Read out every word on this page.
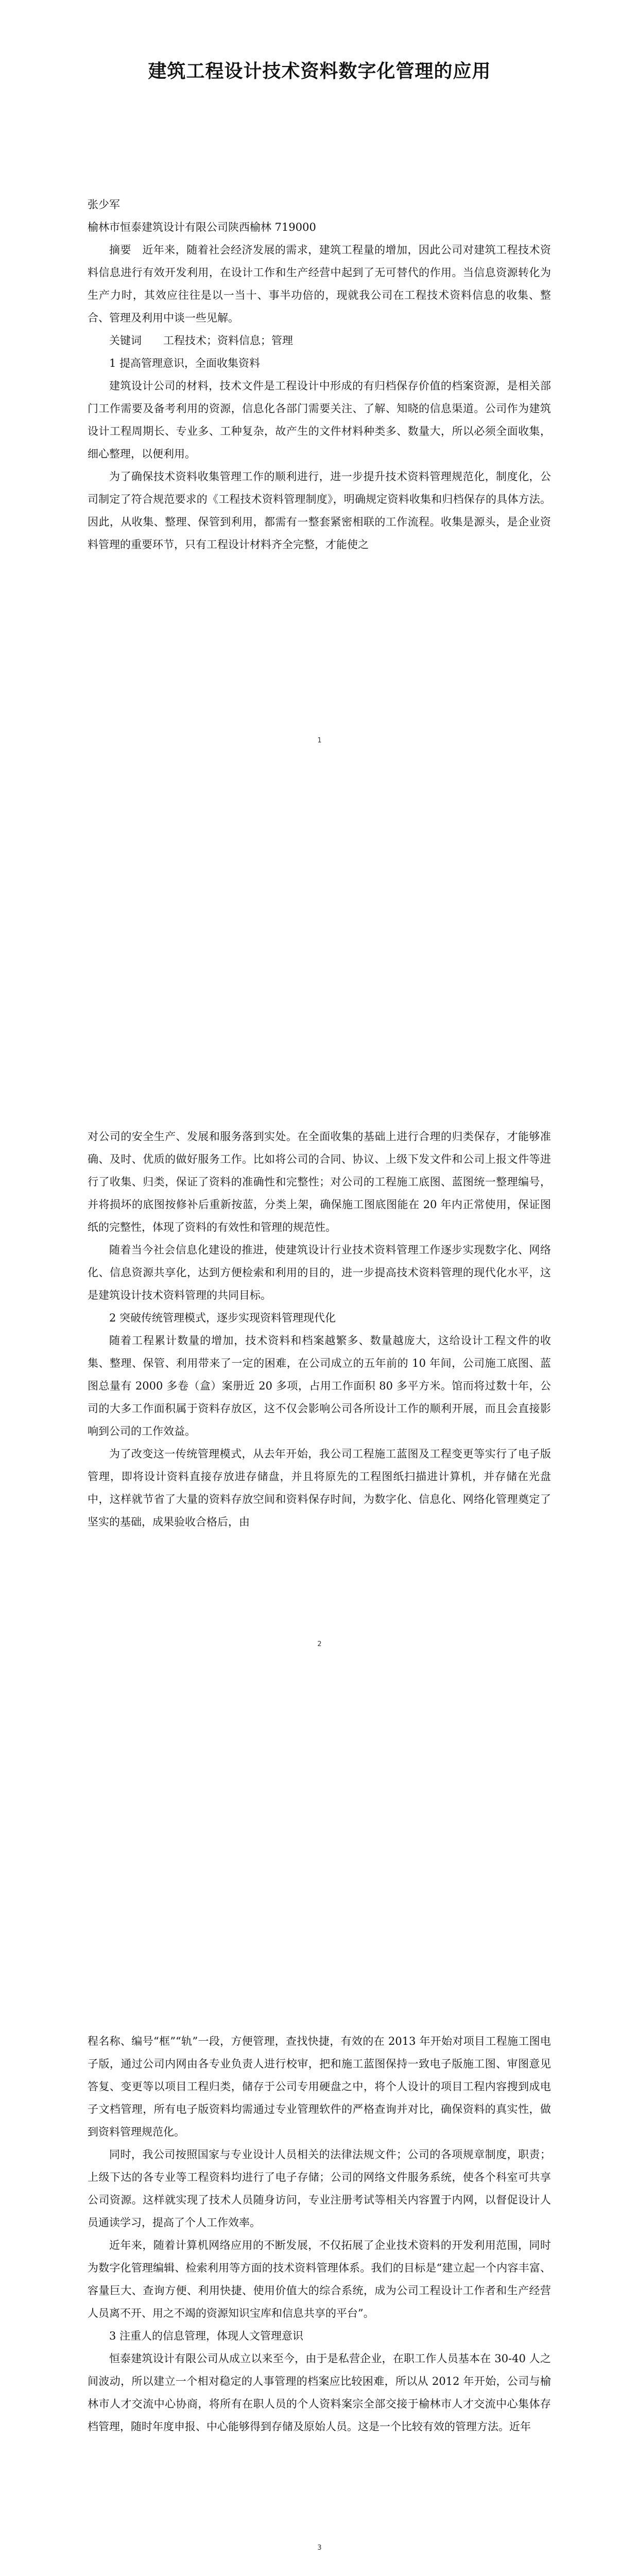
建筑工程设计技术资料数字化管理的应用

张少军

榆林市恒泰建筑设计有限公司陕西榆林 719000

摘要　近年来，随着社会经济发展的需求，建筑工程量的增加，因此公司对建筑工程技术资料信息进行有效开发利用，在设计工作和生产经营中起到了无可替代的作用。当信息资源转化为生产力时，其效应往往是以一当十、事半功倍的，现就我公司在工程技术资料信息的收集、整合、管理及利用中谈一些见解。

关键词　　工程技术；资料信息；管理

1 提高管理意识，全面收集资料

建筑设计公司的材料，技术文件是工程设计中形成的有归档保存价值的档案资源，是相关部门工作需要及备考利用的资源，信息化各部门需要关注、了解、知晓的信息渠道。公司作为建筑设计工程周期长、专业多、工种复杂，故产生的文件材料种类多、数量大，所以必须全面收集，细心整理，以便利用。

为了确保技术资料收集管理工作的顺利进行，进一步提升技术资料管理规范化，制度化，公司制定了符合规范要求的《工程技术资料管理制度》，明确规定资料收集和归档保存的具体方法。因此，从收集、整理、保管到利用，都需有一整套紧密相联的工作流程。收集是源头，是企业资料管理的重要环节，只有工程设计材料齐全完整，才能使之

1

对公司的安全生产、发展和服务落到实处。在全面收集的基础上进行合理的归类保存，才能够准确、及时、优质的做好服务工作。比如将公司的合同、协议、上级下发文件和公司上报文件等进行了收集、归类，保证了资料的准确性和完整性；对公司的工程施工底图、蓝图统一整理编号，并将损坏的底图按修补后重新按蓝，分类上架，确保施工图底图能在 20 年内正常使用，保证图纸的完整性，体现了资料的有效性和管理的规范性。

随着当今社会信息化建设的推进，使建筑设计行业技术资料管理工作逐步实现数字化、网络化、信息资源共享化，达到方便检索和利用的目的，进一步提高技术资料管理的现代化水平，这是建筑设计技术资料管理的共同目标。

2 突破传统管理模式，逐步实现资料管理现代化

随着工程累计数量的增加，技术资料和档案越繁多、数量越庞大，这给设计工程文件的收集、整理、保管、利用带来了一定的困难，在公司成立的五年前的 10 年间，公司施工底图、蓝图总量有 2000 多卷（盒）案册近 20 多项，占用工作面积 80 多平方米。馆而将过数十年，公司的大多工作面积属于资料存放区，这不仅会影响公司各所设计工作的顺利开展，而且会直接影响到公司的工作效益。

为了改变这一传统管理模式，从去年开始，我公司工程施工蓝图及工程变更等实行了电子版管理，即将设计资料直接存放进存储盘，并且将原先的工程图纸扫描进计算机，并存储在光盘中，这样就节省了大量的资料存放空间和资料保存时间，为数字化、信息化、网络化管理奠定了坚实的基础，成果验收合格后，由

2

程名称、编号“框”“轨”一段，方便管理，查找快捷，有效的在 2013 年开始对项目工程施工图电子版，通过公司内网由各专业负责人进行校审，把和施工蓝图保持一致电子版施工图、审图意见答复、变更等以项目工程归类，储存于公司专用硬盘之中，将个人设计的项目工程内容搜到成电子文档管理，所有电子版资料均需通过专业管理软件的严格查询并对比，确保资料的真实性，做到资料管理规范化。

同时，我公司按照国家与专业设计人员相关的法律法规文件；公司的各项规章制度，职责；上级下达的各专业等工程资料均进行了电子存储；公司的网络文件服务系统，使各个科室可共享公司资源。这样就实现了技术人员随身访问，专业注册考试等相关内容置于内网，以督促设计人员通读学习，提高了个人工作效率。

近年来，随着计算机网络应用的不断发展，不仅拓展了企业技术资料的开发利用范围，同时为数字化管理编辑、检索利用等方面的技术资料管理体系。我们的目标是“建立起一个内容丰富、容量巨大、查询方便、利用快捷、使用价值大的综合系统，成为公司工程设计工作者和生产经营人员离不开、用之不竭的资源知识宝库和信息共享的平台”。

3 注重人的信息管理，体现人文管理意识

恒泰建筑设计有限公司从成立以来至今，由于是私营企业，在职工作人员基本在 30-40 人之间波动，所以建立一个相对稳定的人事管理的档案应比较困难，所以从 2012 年开始，公司与榆林市人才交流中心协商，将所有在职人员的个人资料案宗全部交接于榆林市人才交流中心集体存档管理，随时年度申报、中心能够得到存储及原始人员。这是一个比较有效的管理方法。近年

3
